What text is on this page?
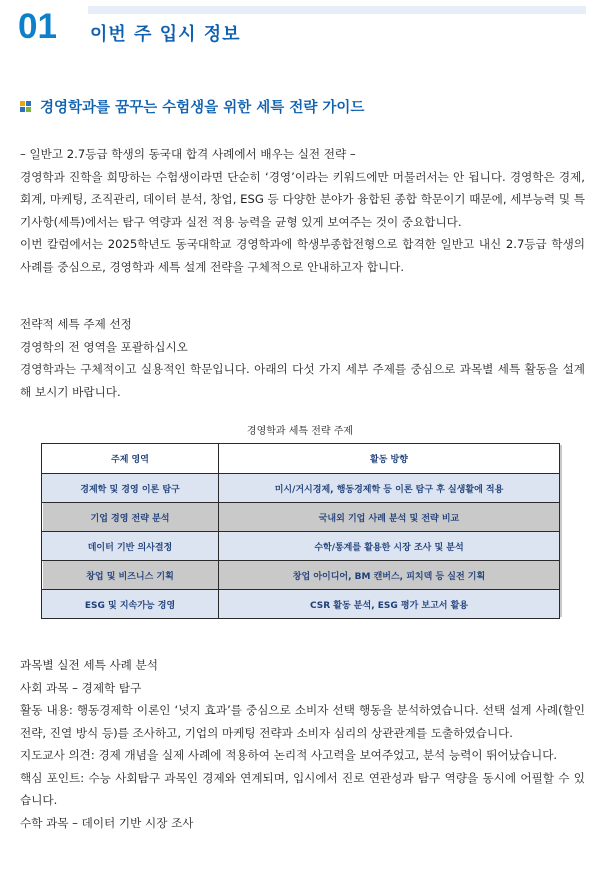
01 이번 주 입시 정보
경영학과를 꿈꾸는 수험생을 위한 세특 전략 가이드

– 일반고 2.7등급 학생의 동국대 합격 사례에서 배우는 실전 전략 –

경영학과 진학을 희망하는 수험생이라면 단순히 ‘경영’이라는 키워드에만 머물러서는 안 됩니다. 경영학은 경제, 회계, 마케팅, 조직관리, 데이터 분석, 창업, ESG 등 다양한 분야가 융합된 종합 학문이기 때문에, 세부능력 및 특기사항(세특)에서는 탐구 역량과 실전 적용 능력을 균형 있게 보여주는 것이 중요합니다.

이번 칼럼에서는 2025학년도 동국대학교 경영학과에 학생부종합전형으로 합격한 일반고 내신 2.7등급 학생의 사례를 중심으로, 경영학과 세특 설계 전략을 구체적으로 안내하고자 합니다.

전략적 세특 주제 선정

경영학의 전 영역을 포괄하십시오

경영학과는 구체적이고 실용적인 학문입니다. 아래의 다섯 가지 세부 주제를 중심으로 과목별 세특 활동을 설계해 보시기 바랍니다.

경영학과 세특 전략 주제
주제 영역	활동 방향
경제학 및 경영 이론 탐구	미시/거시경제, 행동경제학 등 이론 탐구 후 실생활에 적용
기업 경영 전략 분석	국내외 기업 사례 분석 및 전략 비교
데이터 기반 의사결정	수학/통계를 활용한 시장 조사 및 분석
창업 및 비즈니스 기획	창업 아이디어, BM 캔버스, 피치덱 등 실전 기획
ESG 및 지속가능 경영	CSR 활동 분석, ESG 평가 보고서 활용

과목별 실전 세특 사례 분석

사회 과목 – 경제학 탐구

활동 내용: 행동경제학 이론인 ‘넛지 효과’를 중심으로 소비자 선택 행동을 분석하였습니다. 선택 설계 사례(할인 전략, 진열 방식 등)를 조사하고, 기업의 마케팅 전략과 소비자 심리의 상관관계를 도출하였습니다.

지도교사 의견: 경제 개념을 실제 사례에 적용하여 논리적 사고력을 보여주었고, 분석 능력이 뛰어났습니다.

핵심 포인트: 수능 사회탐구 과목인 경제와 연계되며, 입시에서 진로 연관성과 탐구 역량을 동시에 어필할 수 있습니다.

수학 과목 – 데이터 기반 시장 조사
